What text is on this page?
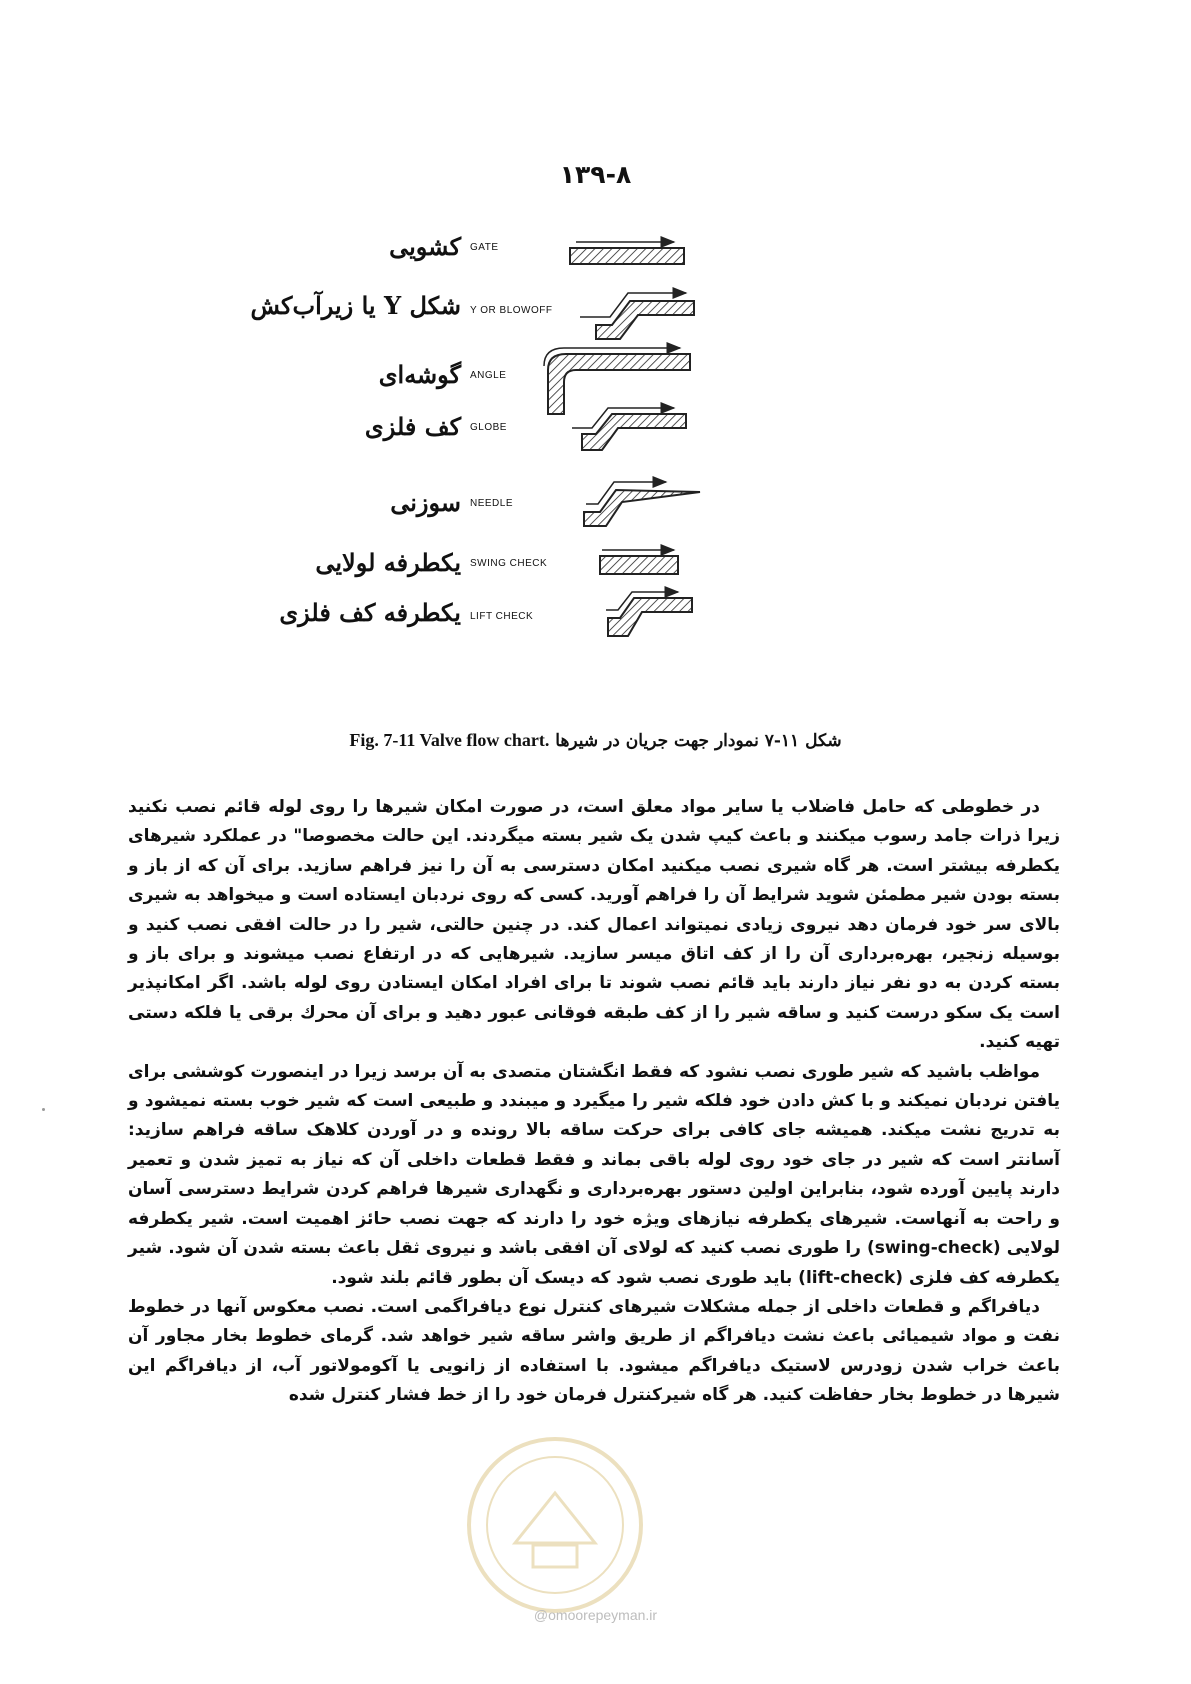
٨-١٣٩
کشویی GATE
شکل Y یا زیرآب‌کش Y OR BLOWOFF
گوشه‌ای ANGLE
کف فلزی GLOBE
سوزنی NEEDLE
یکطرفه لولایی SWING CHECK
یکطرفه کف فلزی LIFT CHECK
شکل ۱۱-۷ نمودار جهت جریان در شیرها Fig. 7-11 Valve flow chart.

در خطوطی که حامل فاضلاب یا سایر مواد معلق است، در صورت امکان شیرها را روی لوله قائم نصب نکنید زیرا ذرات جامد رسوب میکنند و باعث کیپ شدن یک شیر بسته میگردند. این حالت مخصوصا" در عملکرد شیرهای یکطرفه بیشتر است. هر گاه شیری نصب میکنید امکان دسترسی به آن را نیز فراهم سازید. برای آن که از باز و بسته بودن شیر مطمئن شوید شرایط آن را فراهم آورید. کسی که روی نردبان ایستاده است و میخواهد به شیری بالای سر خود فرمان دهد نیروی زیادی نمیتواند اعمال کند. در چنین حالتی، شیر را در حالت افقی نصب کنید و بوسیله زنجیر، بهره‌برداری آن را از کف اتاق میسر سازید. شیرهایی که در ارتفاع نصب میشوند و برای باز و بسته کردن به دو نفر نیاز دارند باید قائم نصب شوند تا برای افراد امکان ایستادن روی لوله باشد. اگر امکانپذیر است یک سکو درست کنید و ساقه شیر را از کف طبقه فوقانی عبور دهید و برای آن محرك برقی یا فلکه دستی تهیه کنید.

مواظب باشید که شیر طوری نصب نشود که فقط انگشتان متصدی به آن برسد زیرا در اینصورت کوششی برای یافتن نردبان نمیکند و با کش دادن خود فلکه شیر را میگیرد و میبندد و طبیعی است که شیر خوب بسته نمیشود و به تدریج نشت میکند. همیشه جای کافی برای حرکت ساقه بالا رونده و در آوردن کلاهک ساقه فراهم سازید: آسانتر است که شیر در جای خود روی لوله باقی بماند و فقط قطعات داخلی آن که نیاز به تمیز شدن و تعمیر دارند پایین آورده شود، بنابراین اولین دستور بهره‌برداری و نگهداری شیرها فراهم کردن شرایط دسترسی آسان و راحت به آنهاست. شیرهای یکطرفه نیازهای ویژه خود را دارند که جهت نصب حائز اهمیت است. شیر یکطرفه لولایی (swing-check) را طوری نصب کنید که لولای آن افقی باشد و نیروی ثقل باعث بسته شدن آن شود. شیر یکطرفه کف فلزی (lift-check) باید طوری نصب شود که دیسک آن بطور قائم بلند شود.

دیافراگم و قطعات داخلی از جمله مشکلات شیرهای کنترل نوع دیافراگمی است. نصب معکوس آنها در خطوط نفت و مواد شیمیائی باعث نشت دیافراگم از طریق واشر ساقه شیر خواهد شد. گرمای خطوط بخار مجاور آن باعث خراب شدن زودرس لاستیک دیافراگم میشود. با استفاده از زانویی یا آکومولاتور آب، از دیافراگم این شیرها در خطوط بخار حفاظت کنید. هر گاه شیرکنترل فرمان خود را از خط فشار کنترل شده

@omoorepeyman.ir
